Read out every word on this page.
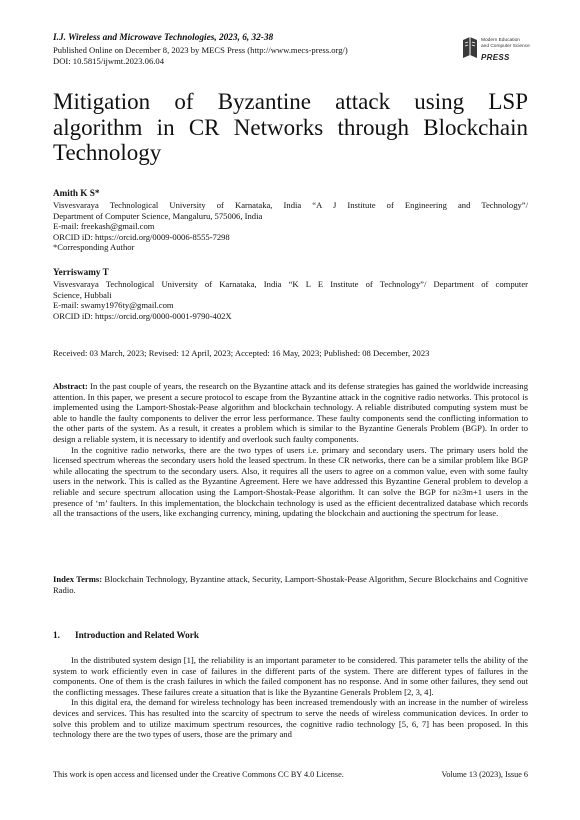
I.J. Wireless and Microwave Technologies, 2023, 6, 32-38
Published Online on December 8, 2023 by MECS Press (http://www.mecs-press.org/)
DOI: 10.5815/ijwmt.2023.06.04
Modern Education
and Computer Science
PRESS
Mitigation of Byzantine attack using LSP algorithm in CR Networks through Blockchain Technology
Amith K S*
Visvesvaraya Technological University of Karnataka, India “A J Institute of Engineering and Technology”/
Department of Computer Science, Mangaluru, 575006, India
E-mail: freekash@gmail.com
ORCID iD: https://orcid.org/0009-0006-8555-7298
*Corresponding Author
Yerriswamy T
Visvesvaraya Technological University of Karnataka, India “K L E Institute of Technology”/ Department of computer
Science, Hubbali
E-mail: swamy1976ty@gmail.com
ORCID iD: https://orcid.org/0000-0001-9790-402X
Received: 03 March, 2023; Revised: 12 April, 2023; Accepted: 16 May, 2023; Published: 08 December, 2023
Abstract: In the past couple of years, the research on the Byzantine attack and its defense strategies has gained the worldwide increasing attention. In this paper, we present a secure protocol to escape from the Byzantine attack in the cognitive radio networks. This protocol is implemented using the Lamport-Shostak-Pease algorithm and blockchain technology. A reliable distributed computing system must be able to handle the faulty components to deliver the error less performance. These faulty components send the conflicting information to the other parts of the system. As a result, it creates a problem which is similar to the Byzantine Generals Problem (BGP). In order to design a reliable system, it is necessary to identify and overlook such faulty components.
In the cognitive radio networks, there are the two types of users i.e. primary and secondary users. The primary users hold the licensed spectrum whereas the secondary users hold the leased spectrum. In these CR networks, there can be a similar problem like BGP while allocating the spectrum to the secondary users. Also, it requires all the users to agree on a common value, even with some faulty users in the network. This is called as the Byzantine Agreement. Here we have addressed this Byzantine General problem to develop a reliable and secure spectrum allocation using the Lamport-Shostak-Pease algorithm. It can solve the BGP for n≥3m+1 users in the presence of ‘m’ faulters. In this implementation, the blockchain technology is used as the efficient decentralized database which records all the transactions of the users, like exchanging currency, mining, updating the blockchain and auctioning the spectrum for lease.
Index Terms: Blockchain Technology, Byzantine attack, Security, Lamport-Shostak-Pease Algorithm, Secure Blockchains and Cognitive Radio.
1. Introduction and Related Work
In the distributed system design [1], the reliability is an important parameter to be considered. This parameter tells the ability of the system to work efficiently even in case of failures in the different parts of the system. There are different types of failures in the components. One of them is the crash failures in which the failed component has no response. And in some other failures, they send out the conflicting messages. These failures create a situation that is like the Byzantine Generals Problem [2, 3, 4].
In this digital era, the demand for wireless technology has been increased tremendously with an increase in the number of wireless devices and services. This has resulted into the scarcity of spectrum to serve the needs of wireless communication devices. In order to solve this problem and to utilize maximum spectrum resources, the cognitive radio technology [5, 6, 7] has been proposed. In this technology there are the two types of users, those are the primary and
This work is open access and licensed under the Creative Commons CC BY 4.0 License.	Volume 13 (2023), Issue 6
